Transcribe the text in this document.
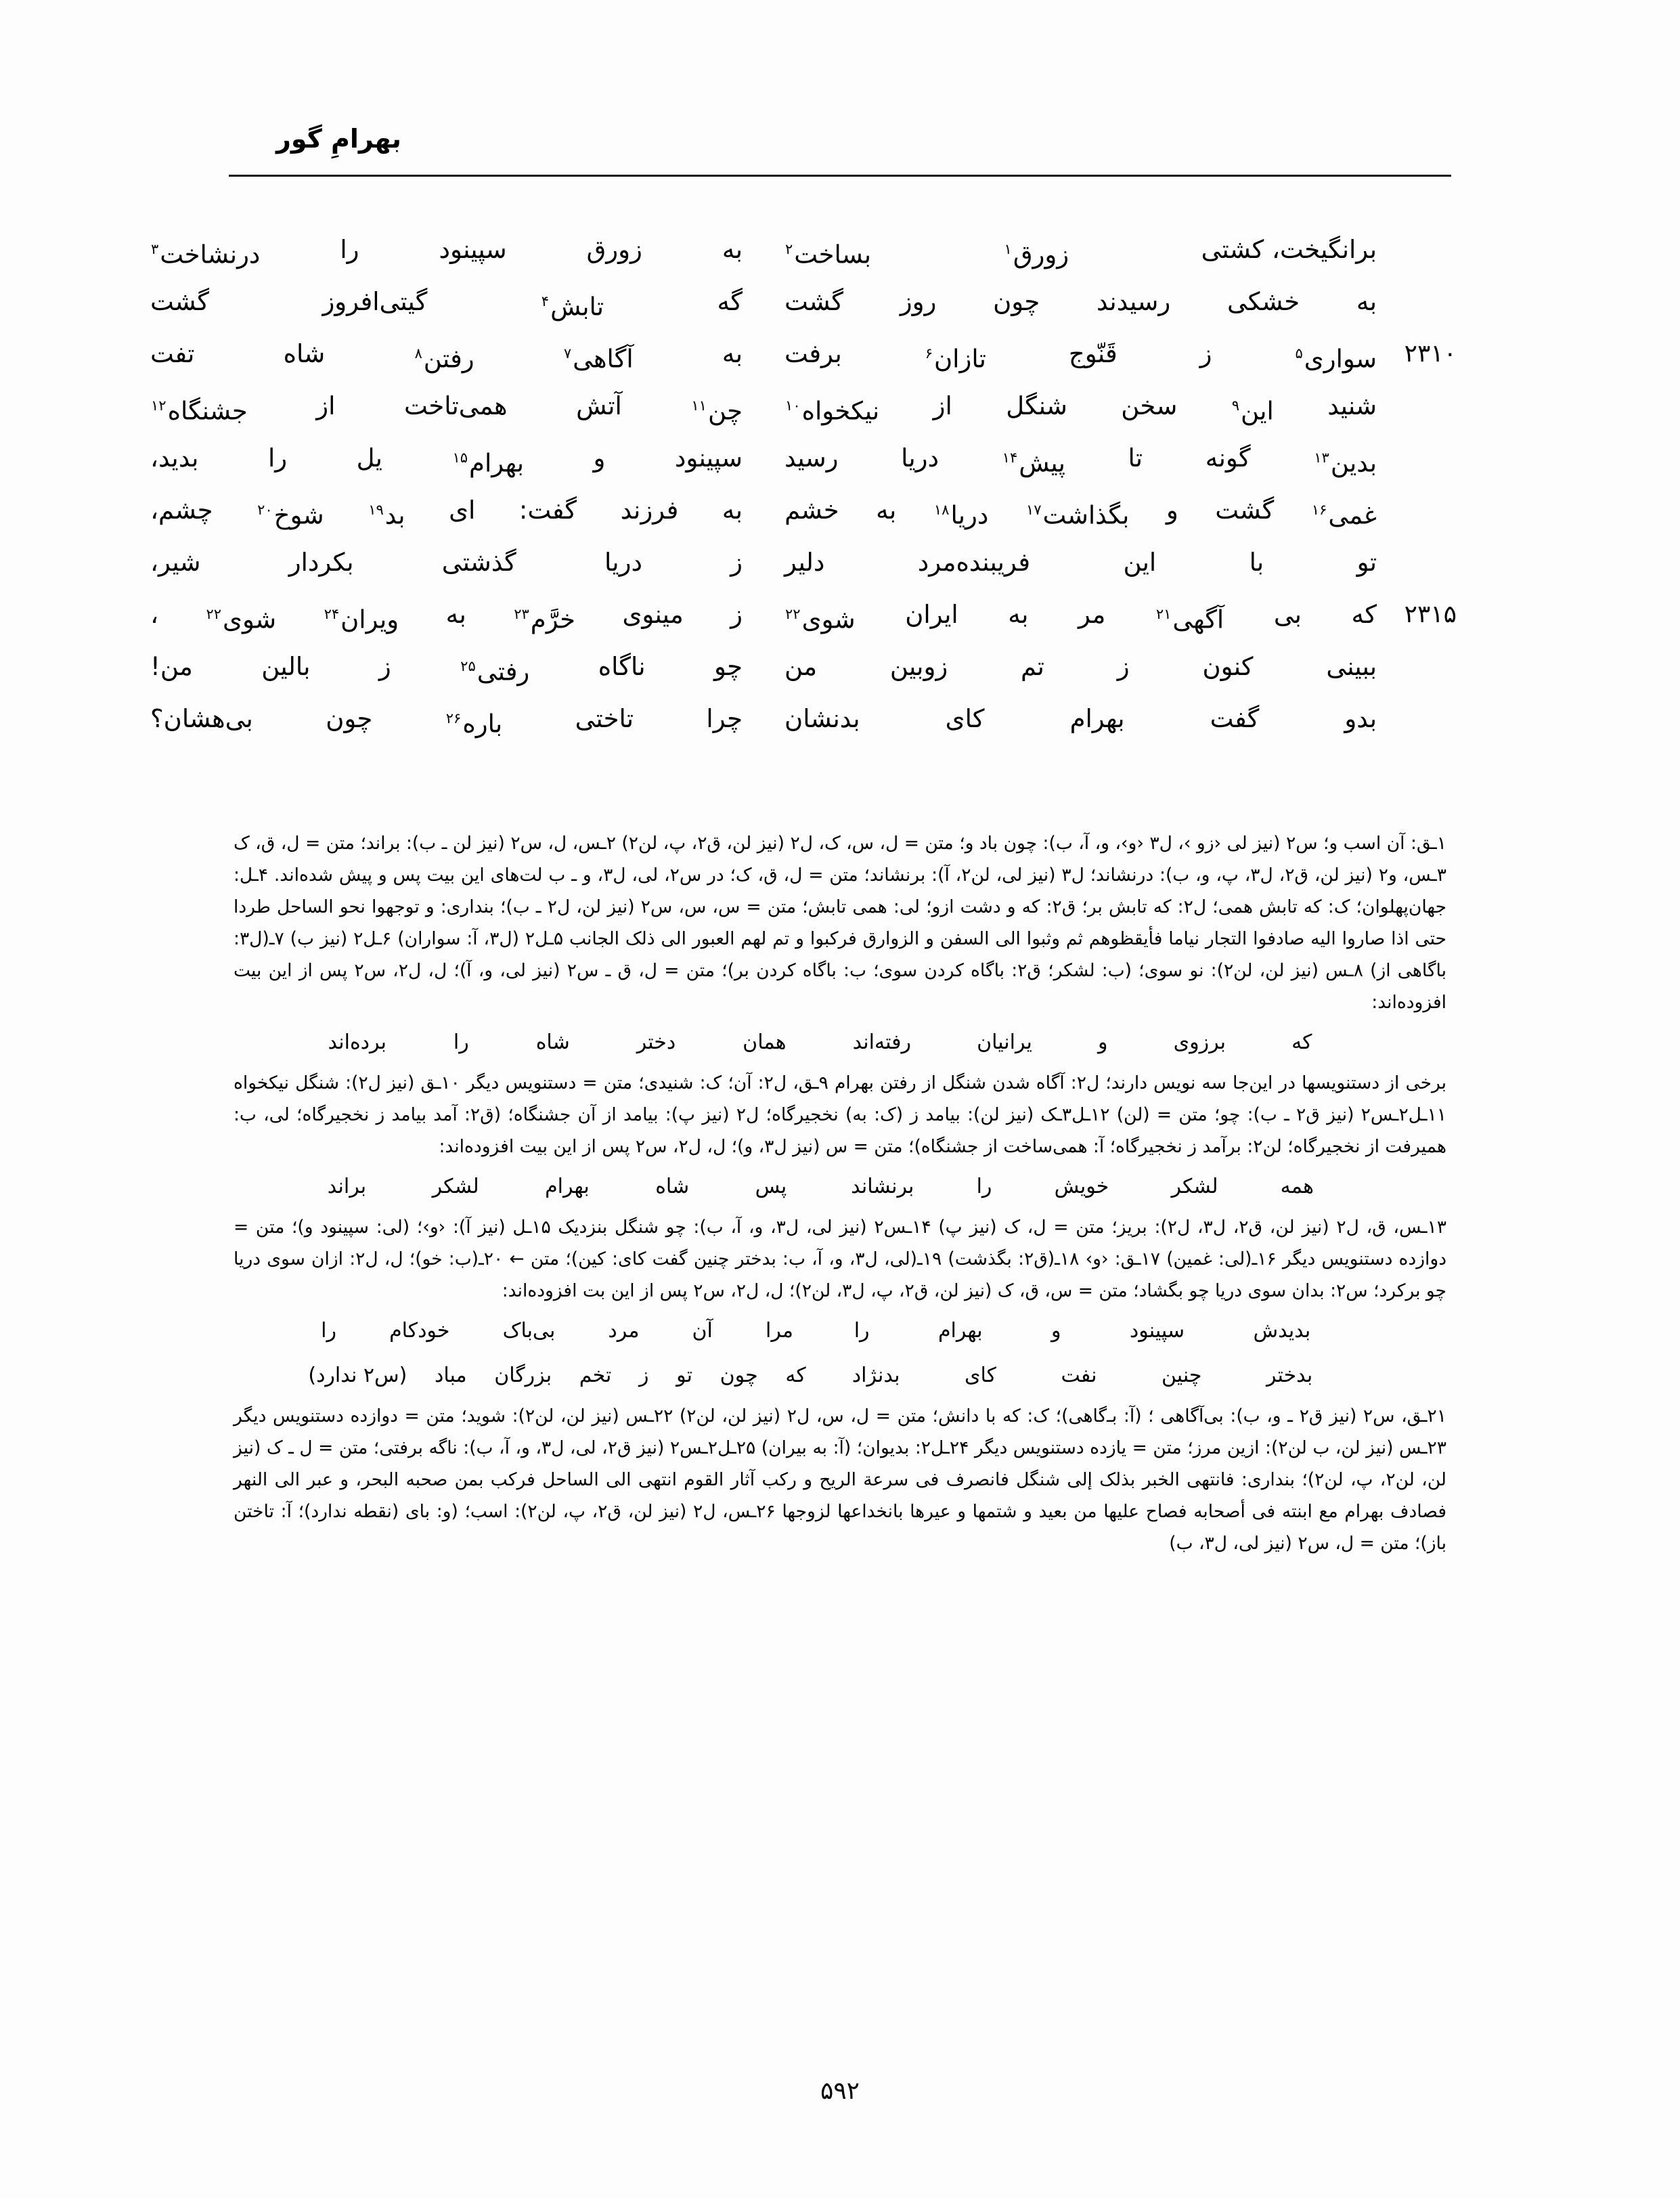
بهرامِ گور
برانگیخت، کشتی
زورق$^۱$
بساخت$^۲$
به
زورق
سپینود
را
درنشاخت$^۳$
به
خشکی
رسیدند
چون
روز
گشت
گه
تابش$^۴$
گیتی‌افروز
گشت
۲۳۱۰
سواری$^۵$
ز
قَنّوج
تازان$^۶$
برفت
به
آگاهی$^۷$
رفتن$^۸$
شاه
تفت
شنید
این$^۹$
سخن
شنگل
از
نیکخواه$^{۱۰}$
چن$^{۱۱}$
آتش
همی‌تاخت
از
جشنگاه$^{۱۲}$
بدین$^{۱۳}$
گونه
تا
پیش$^{۱۴}$
دریا
رسید
سپینود
و
بهرام$^{۱۵}$
یل
را
بدید،
غمی$^{۱۶}$
گشت
و
بگذاشت$^{۱۷}$
دریا$^{۱۸}$
به
خشم
به
فرزند
گفت:
ای
بد$^{۱۹}$
شوخ$^{۲۰}$
چشم،
تو
با
این
فریبنده‌مرد
دلیر
ز
دریا
گذشتی
بکردار
شیر،
۲۳۱۵
که
بی
آگهی$^{۲۱}$
مر
به
ایران
شوی$^{۲۲}$
ز
مینوی
خرَّم$^{۲۳}$
به
ویران$^{۲۴}$
شوی$^{۲۲}$
،
ببینی
کنون
ز
تم
زوبین
من
چو
ناگاه
رفتی$^{۲۵}$
ز
بالین
من!
بدو
گفت
بهرام
کای
بدنشان
چرا
تاختی
باره$^{۲۶}$
چون
بی‌هشان؟

۱ـق: آن اسب و؛ س۲ (نیز لی ‹زو ›، ل۳ ‹و›، و، آ، ب): چون باد و؛ متن = ل، س، ک، ل۲ (نیز لن، ق۲، پ، لن۲) ۲ـس، ل، س۲ (نیز لن ـ ب): براند؛ متن = ل، ق، ک ۳ـس، و۲ (نیز لن، ق۲، ل۳، پ، و، ب): درنشاند؛ ل۳ (نیز لی، لن۲، آ): برنشاند؛ متن = ل، ق، ک؛ در س۲، لی، ل۳، و ـ ب لت‌های این بیت پس و پیش شده‌اند. ۴ـل: جهان‌پهلوان؛ ک: که تابش همی؛ ل۲: که تابش بر؛ ق۲: که و دشت ازو؛ لی: همی تابش؛ متن = س، س، س۲ (نیز لن، ل۲ ـ ب)؛ بنداری: و توجهوا نحو الساحل طردا حتی اذا صاروا الیه صادفوا التجار نیاما فأیقظوهم ثم وثبوا الی السفن و الزوارق فرکبوا و تم لهم العبور الی ذلک الجانب ۵ـل۲ (ل۳، آ: سواران) ۶ـل۲ (نیز ب) ۷ـ(ل۳: باگاهی از) ۸ـس (نیز لن، لن۲): نو سوی؛ (ب: لشکر؛ ق۲: باگاه کردن سوی؛ ب: باگاه کردن بر)؛ متن = ل، ق ـ س۲ (نیز لی، و، آ)؛ ل، ل۲، س۲ پس از این بیت افزوده‌اند:

که
برزوی
و
یرانیان
رفته‌اند
همان
دختر
شاه
را
برده‌اند

برخی از دستنویسها در این‌جا سه نویس دارند؛ ل۲: آگاه شدن شنگل از رفتن بهرام ۹ـق، ل۲: آن؛ ک: شنیدی؛ متن = دستنویس دیگر ۱۰ـق (نیز ل۲): شنگل نیکخواه ۱۱ـل۲ـس۲ (نیز ق۲ ـ ب): چو؛ متن = (لن) ۱۲ـل۳ـک (نیز لن): بیامد ز (ک: به) نخجیرگاه؛ ل۲ (نیز پ): بیامد از آن جشنگاه؛ (ق۲: آمد بیامد ز نخجیرگاه؛ لی، ب: همیرفت از نخجیرگاه؛ لن۲: برآمد ز نخجیرگاه؛ آ: همی‌ساخت از جشنگاه)؛ متن = س (نیز ل۳، و)؛ ل، ل۲، س۲ پس از این بیت افزوده‌اند:

همه
لشکر
خویش
را
برنشاند
پس
شاه
بهرام
لشکر
براند

۱۳ـس، ق، ل۲ (نیز لن، ق۲، ل۳، ل۲): بریز؛ متن = ل، ک (نیز پ) ۱۴ـس۲ (نیز لی، ل۳، و، آ، ب): چو شنگل بنزدیک ۱۵ـل (نیز آ): ‹و›؛ (لی: سپینود و)؛ متن = دوازده دستنویس دیگر ۱۶ـ(لی: غمین) ۱۷ـق: ‹و› ۱۸ـ(ق۲: بگذشت) ۱۹ـ(لی، ل۳، و، آ، ب: بدختر چنین گفت کای: کین)؛ متن ← ۲۰ـ(ب: خو)؛ ل، ل۲: ازان سوی دریا چو برکرد؛ س۲: بدان سوی دریا چو بگشاد؛ متن = س، ق، ک (نیز لن، ق۲، پ، ل۳، لن۲)؛ ل، ل۲، س۲ پس از این بت افزوده‌اند:

بدیدش
سپینود
و
بهرام
را
مرا
آن
مرد
بی‌باک
خودکام
را
بدختر
چنین
نفت
کای
بدنژاد
که
چون
تو
ز
تخم
بزرگان
مباد
(س۲ ندارد)

۲۱ـق، س۲ (نیز ق۲ ـ و، ب): بی‌آگاهی ؛ (آ: بـ‌گاهی)؛ ک: که با دانش؛ متن = ل، س، ل۲ (نیز لن، لن۲) ۲۲ـس (نیز لن، لن۲): شوید؛ متن = دوازده دستنویس دیگر ۲۳ـس (نیز لن، ب لن۲): ازین مرز؛ متن = یازده دستنویس دیگر ۲۴ـل۲: بدیوان؛ (آ: به بیران) ۲۵ـل۲ـس۲ (نیز ق۲، لی، ل۳، و، آ، ب): ناگه برفتی؛ متن = ل ـ ک (نیز لن، لن۲، پ، لن۲)؛ بنداری: فانتهی الخبر بذلک إلی شنگل فانصرف فی سرعة الریح و رکب آثار القوم انتهی الی الساحل فرکب بمن صحبه البحر، و عبر الی النهر فصادف بهرام مع ابنته فی أصحابه فصاح علیها من بعید و شتمها و عیرها بانخداعها لزوجها ۲۶ـس، ل۲ (نیز لن، ق۲، پ، لن۲): اسب؛ (و: بای (نقطه ندارد)؛ آ: تاختن باز)؛ متن = ل، س۲ (نیز لی، ل۳، ب)

۵۹۲
